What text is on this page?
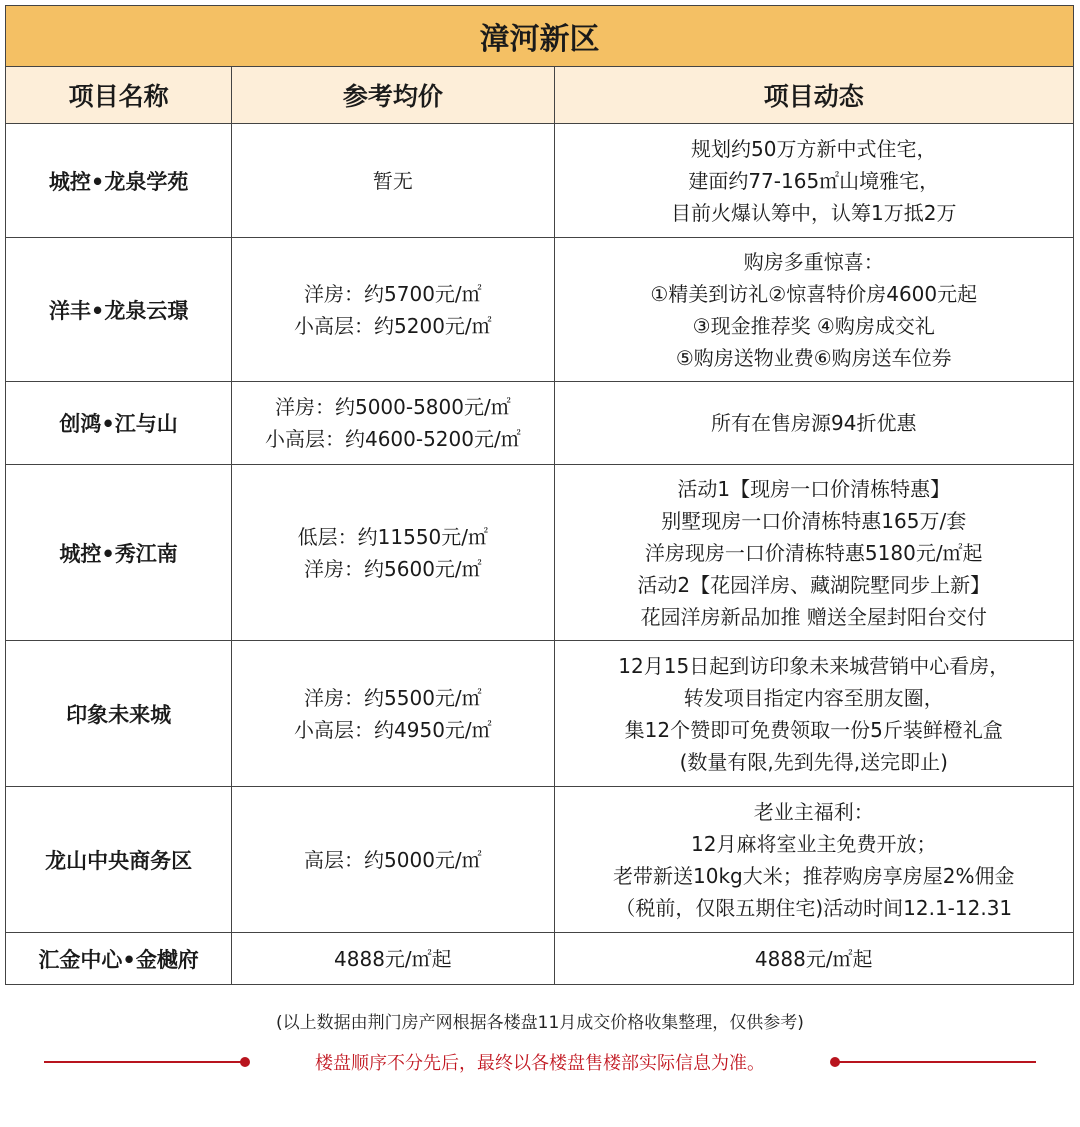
漳河新区		
项目名称	参考均价	项目动态
城控•龙泉学苑	暂无	规划约50万方新中式住宅，
建面约77-165㎡山境雅宅，
目前火爆认筹中，认筹1万抵2万

洋丰•龙泉云璟	洋房：约5700元/㎡
小高层：约5200元/㎡	购房多重惊喜：
①精美到访礼②惊喜特价房4600元起
③现金推荐奖 ④购房成交礼
⑤购房送物业费⑥购房送车位券

创鸿•江与山	洋房：约5000-5800元/㎡
小高层：约4600-5200元/㎡	所有在售房源94折优惠

城控•秀江南	低层：约11550元/㎡
洋房：约5600元/㎡	活动1【现房一口价清栋特惠】
别墅现房一口价清栋特惠165万/套
洋房现房一口价清栋特惠5180元/㎡起
活动2【花园洋房、藏湖院墅同步上新】
花园洋房新品加推 赠送全屋封阳台交付

印象未来城	洋房：约5500元/㎡
小高层：约4950元/㎡	12月15日起到访印象未来城营销中心看房，
转发项目指定内容至朋友圈，
集12个赞即可免费领取一份5斤装鲜橙礼盒
(数量有限,先到先得,送完即止)

龙山中央商务区	高层：约5000元/㎡	老业主福利：
12月麻将室业主免费开放；
老带新送10kg大米；推荐购房享房屋2%佣金
（税前，仅限五期住宅)活动时间12.1-12.31

汇金中心•金樾府	4888元/㎡起	4888元/㎡起
(以上数据由荆门房产网根据各楼盘11月成交价格收集整理，仅供参考)
楼盘顺序不分先后，最终以各楼盘售楼部实际信息为准。
